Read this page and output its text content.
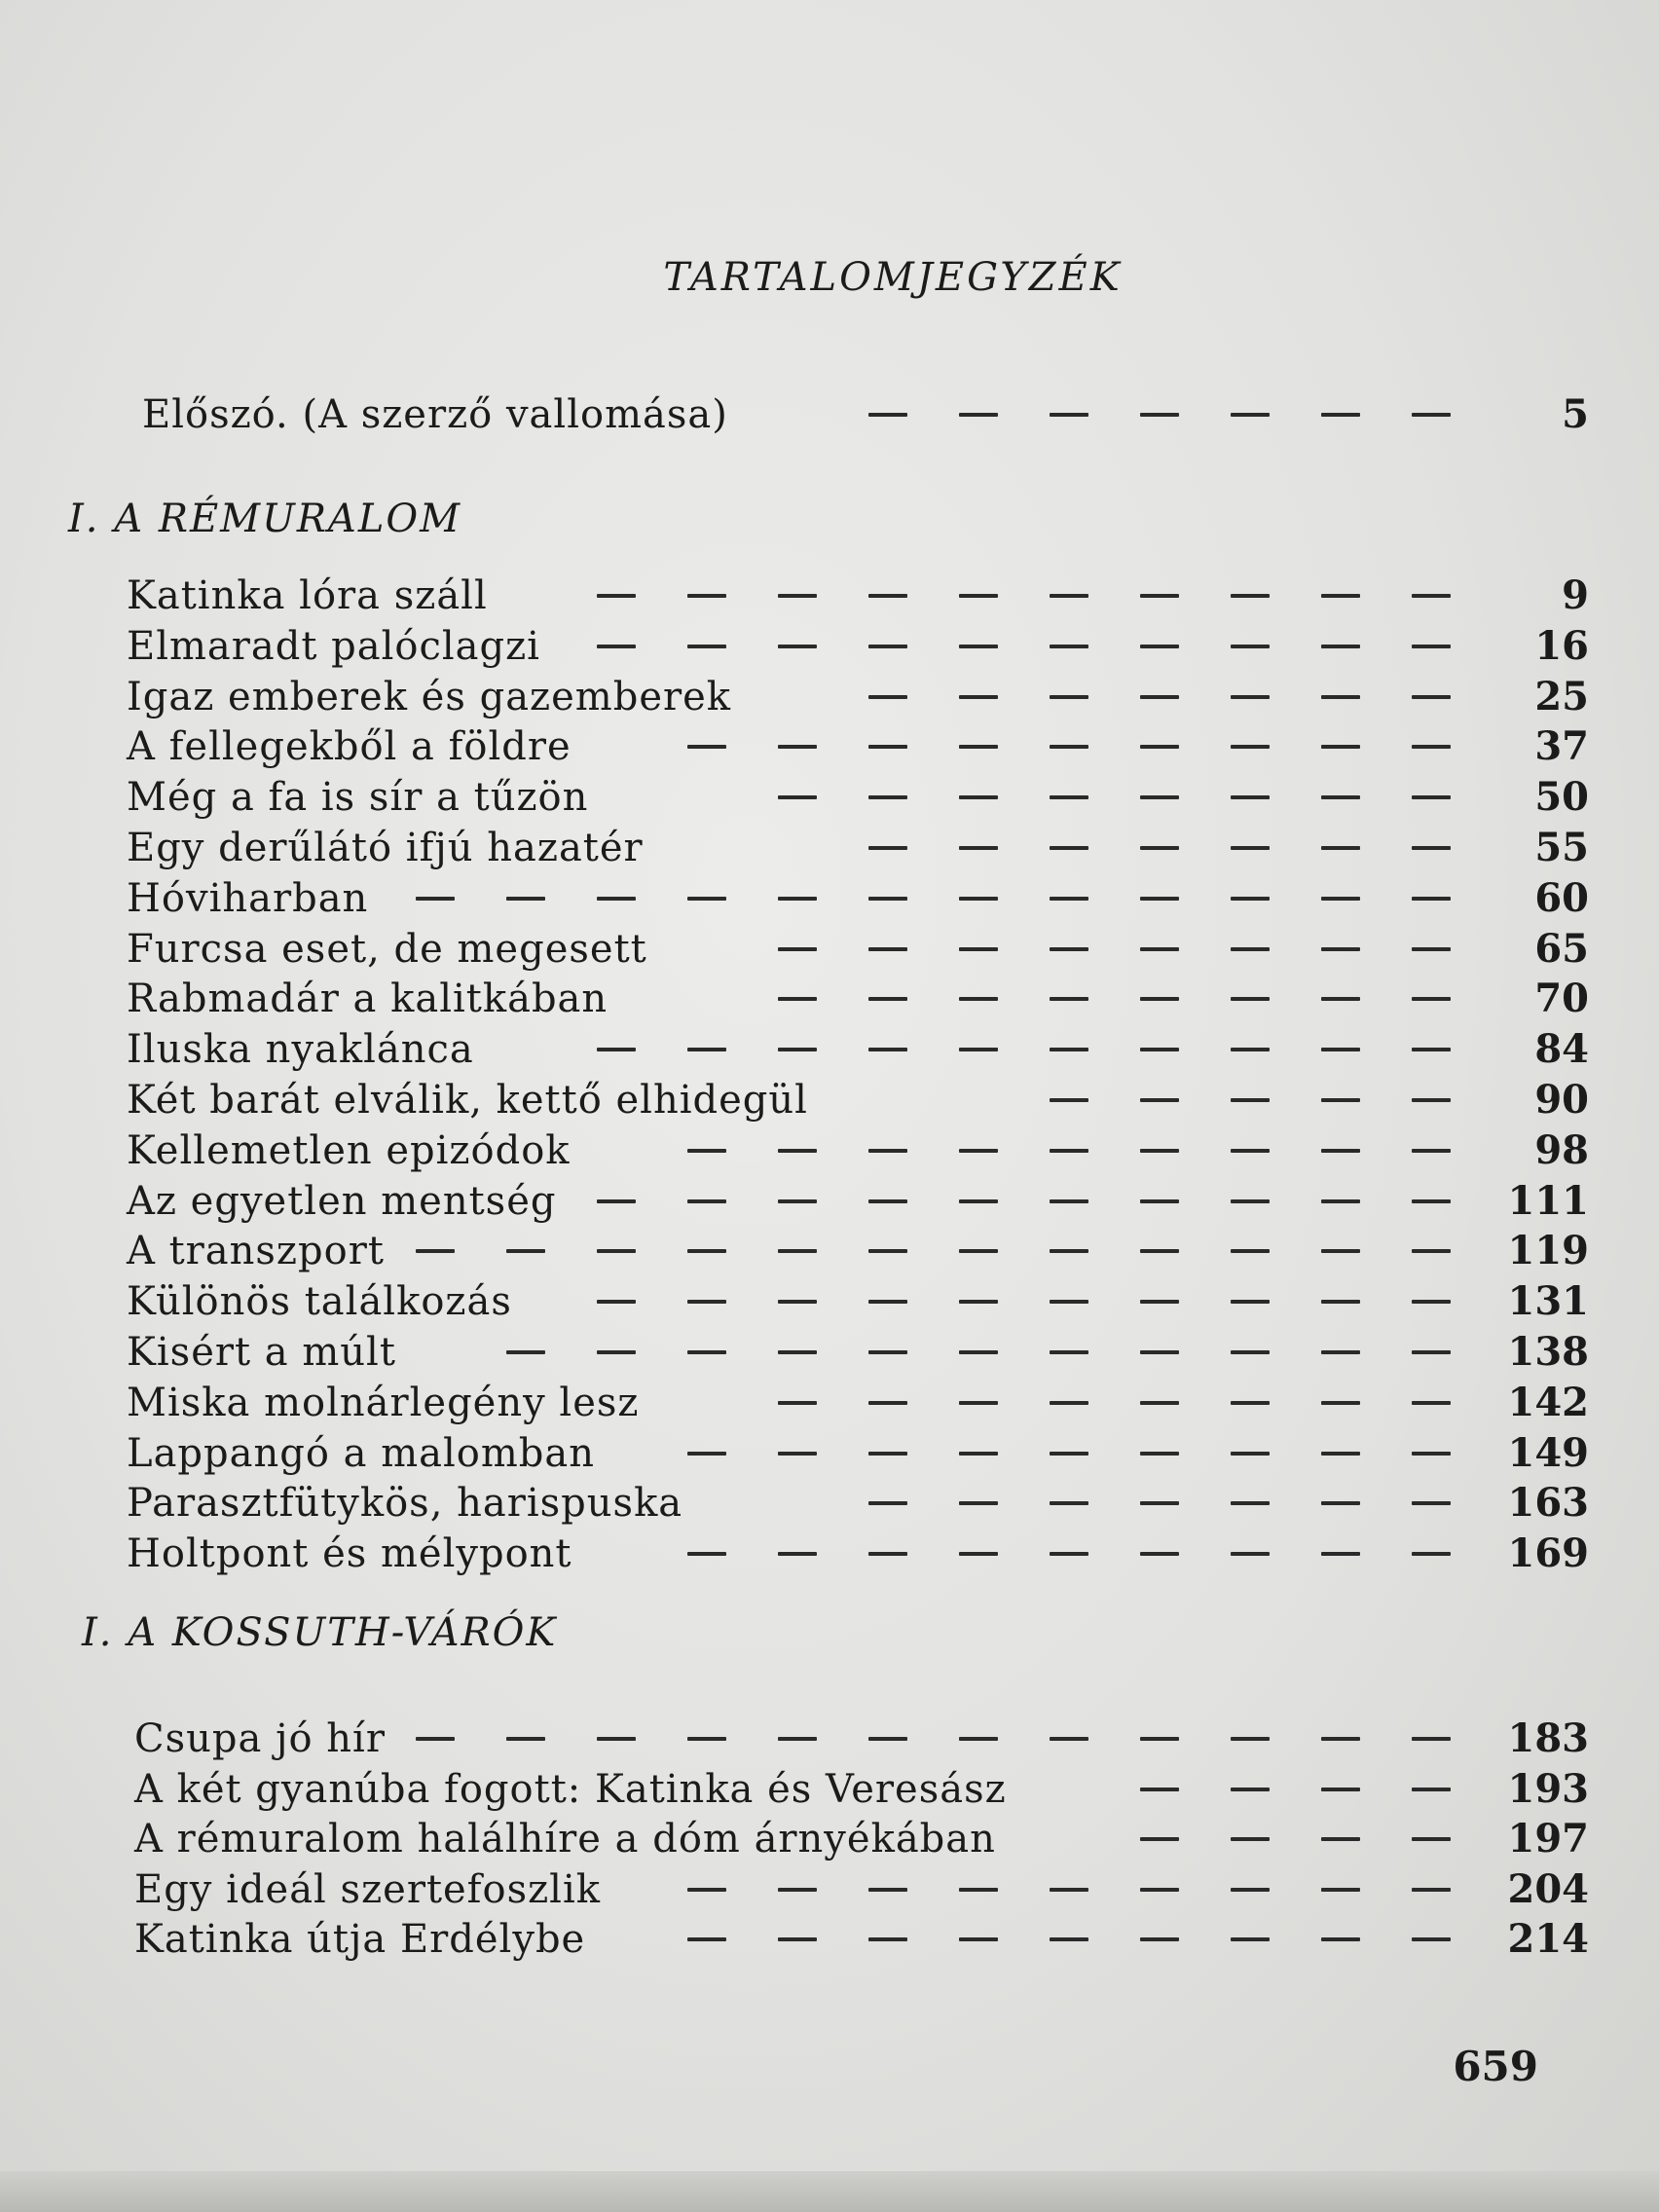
TARTALOMJEGYZÉK
Előszó. (A szerző vallomása)	5
I. A RÉMURALOM
Katinka lóra száll	9
Elmaradt palóclagzi	16
Igaz emberek és gazemberek	25
A fellegekből a földre	37
Még a fa is sír a tűzön	50
Egy derűlátó ifjú hazatér	55
Hóviharban	60
Furcsa eset, de megesett	65
Rabmadár a kalitkában	70
Iluska nyaklánca	84
Két barát elválik, kettő elhidegül	90
Kellemetlen epizódok	98
Az egyetlen mentség	111
A transzport	119
Különös találkozás	131
Kisért a múlt	138
Miska molnárlegény lesz	142
Lappangó a malomban	149
Parasztfütykös, harispuska	163
Holtpont és mélypont	169
I. A KOSSUTH-VÁRÓK
Csupa jó hír	183
A két gyanúba fogott: Katinka és Veresász	193
A rémuralom halálhíre a dóm árnyékában	197
Egy ideál szertefoszlik	204
Katinka útja Erdélybe	214
659
